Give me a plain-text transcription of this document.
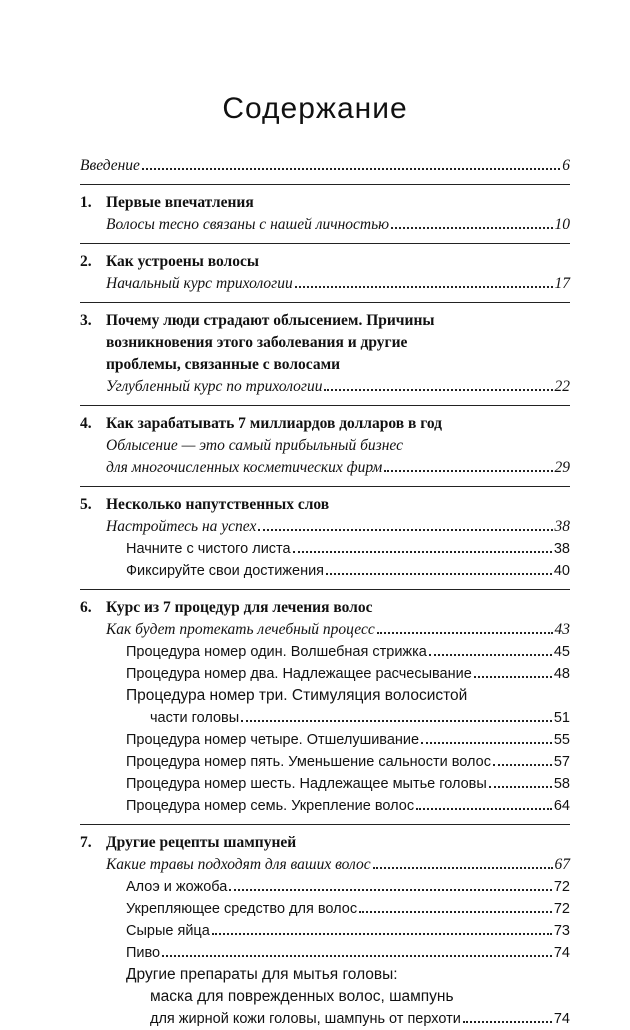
Содержание
Введение	6
1. Первые впечатления
Волосы тесно связаны с нашей личностью	10
2. Как устроены волосы
Начальный курс трихологии	17
3. Почему люди страдают облысением. Причины
возникновения этого заболевания и другие
проблемы, связанные с волосами
Углубленный курс по трихологии	22
4. Как зарабатывать 7 миллиардов долларов в год
Облысение — это самый прибыльный бизнес
для многочисленных косметических фирм	29
5. Несколько напутственных слов
Настройтесь на успех	38
Начните с чистого листа	38
Фиксируйте свои достижения	40
6. Курс из 7 процедур для лечения волос
Как будет протекать лечебный процесс	43
Процедура номер один. Волшебная стрижка	45
Процедура номер два. Надлежащее расчесывание	48
Процедура номер три. Стимуляция волосистой
части головы	51
Процедура номер четыре. Отшелушивание	55
Процедура номер пять. Уменьшение сальности волос	57
Процедура номер шесть. Надлежащее мытье головы	58
Процедура номер семь. Укрепление волос	64
7. Другие рецепты шампуней
Какие травы подходят для ваших волос	67
Алоэ и жожоба	72
Укрепляющее средство для волос	72
Сырые яйца	73
Пиво	74
Другие препараты для мытья головы:
маска для поврежденных волос, шампунь
для жирной кожи головы, шампунь от перхоти	74
